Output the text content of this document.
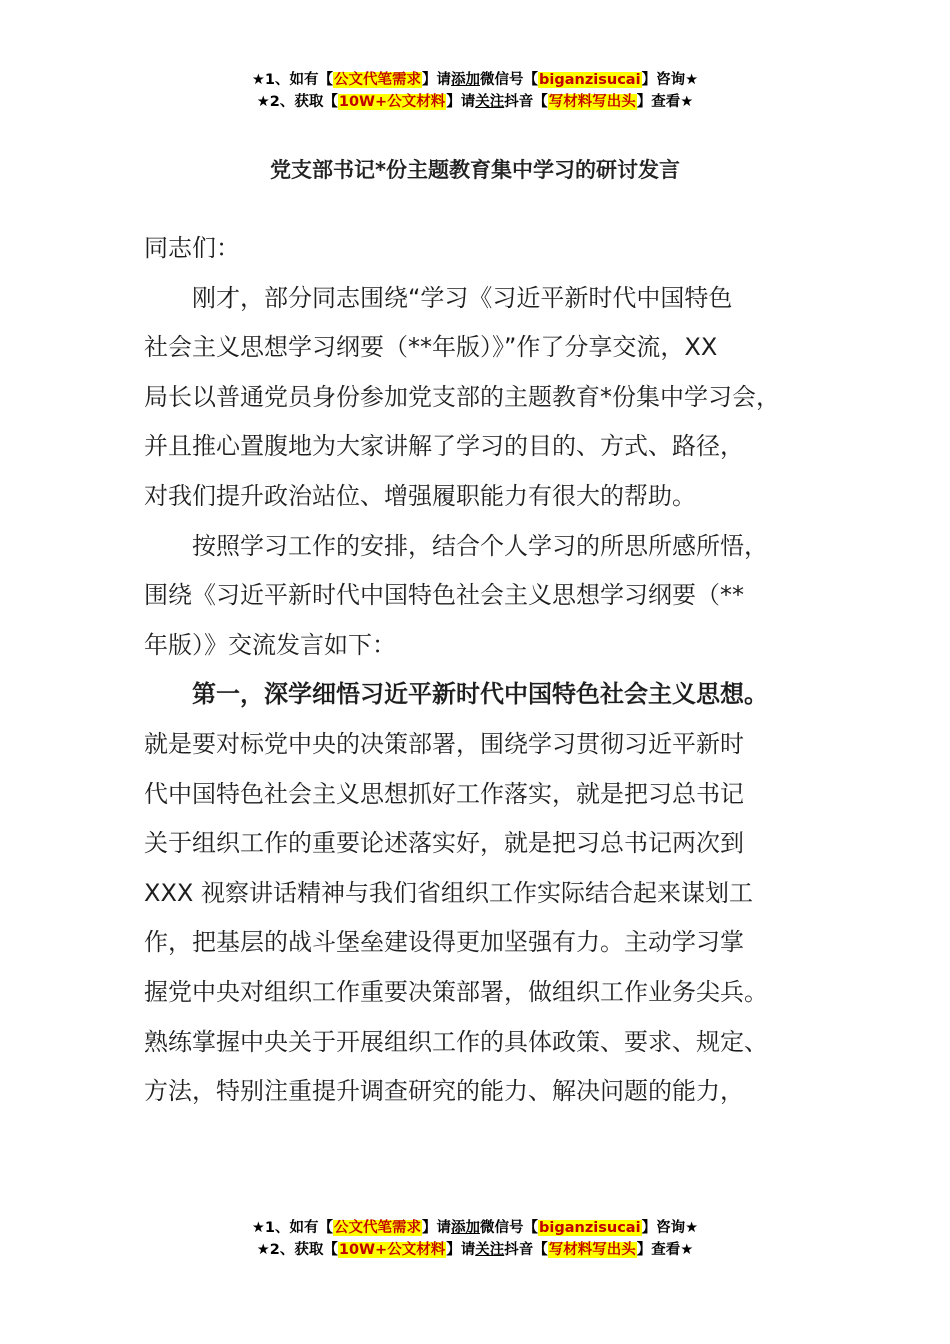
★1、如有【公文代笔需求】请添加微信号【biganzisucai】咨询★
★2、获取【10W+公文材料】请关注抖音【写材料写出头】查看★
党支部书记*份主题教育集中学习的研讨发言
同志们：
刚才，部分同志围绕“学习《习近平新时代中国特色
社会主义思想学习纲要（**年版）》”作了分享交流，XX
局长以普通党员身份参加党支部的主题教育*份集中学习会，
并且推心置腹地为大家讲解了学习的目的、方式、路径，
对我们提升政治站位、增强履职能力有很大的帮助。
按照学习工作的安排，结合个人学习的所思所感所悟，
围绕《习近平新时代中国特色社会主义思想学习纲要（**
年版）》交流发言如下：
第一，深学细悟习近平新时代中国特色社会主义思想。
就是要对标党中央的决策部署，围绕学习贯彻习近平新时
代中国特色社会主义思想抓好工作落实，就是把习总书记
关于组织工作的重要论述落实好，就是把习总书记两次到
XXX 视察讲话精神与我们省组织工作实际结合起来谋划工
作，把基层的战斗堡垒建设得更加坚强有力。主动学习掌
握党中央对组织工作重要决策部署，做组织工作业务尖兵。
熟练掌握中央关于开展组织工作的具体政策、要求、规定、
方法，特别注重提升调查研究的能力、解决问题的能力，
★1、如有【公文代笔需求】请添加微信号【biganzisucai】咨询★
★2、获取【10W+公文材料】请关注抖音【写材料写出头】查看★
